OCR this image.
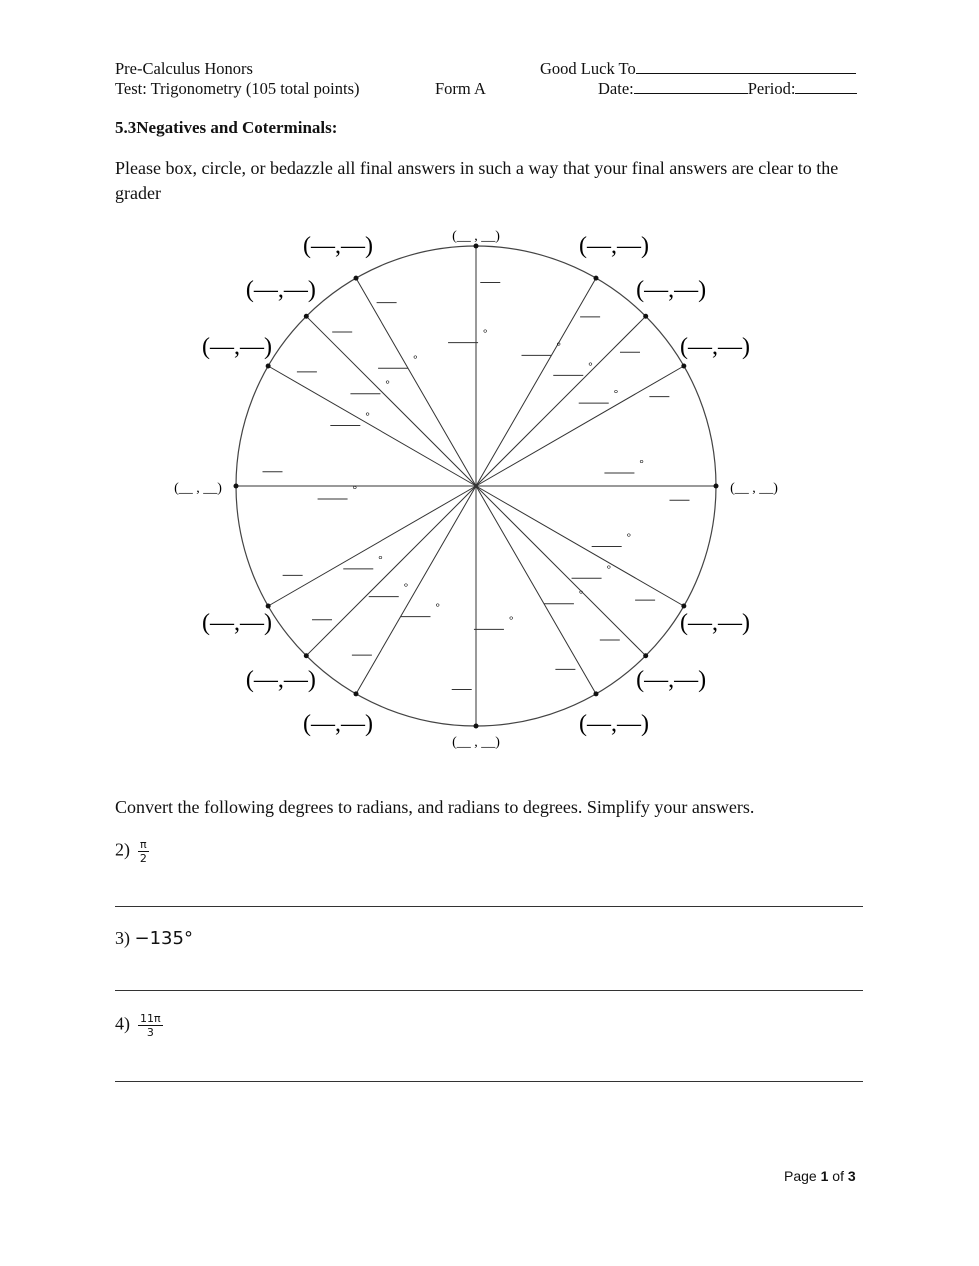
Pre-Calculus Honors	Good Luck To
Test: Trigonometry (105 total points)	Form A	Date:	Period:
5.3Negatives and Coterminals:
Please box, circle, or bedazzle all final answers in such a way that your final answers are clear to the grader
(__ , __)
°
(—,—)
°
(—,—)
°
(—,—)
°
(__ , __)
°
(—,—)
°
(—,—)
°
(—,—)
°
(__ , __)	°
(—,—)
°
(—,—)
°
(—,—)
°
(__ , __)
°
(—,—)
°
(—,—)
°
(—,—)
°
Convert the following degrees to radians, and radians to degrees. Simplify your answers.
$2) \frac{\pi}{2}$
3) −135°
$4) \frac{11\pi}{3}$
Page 1 of 3
